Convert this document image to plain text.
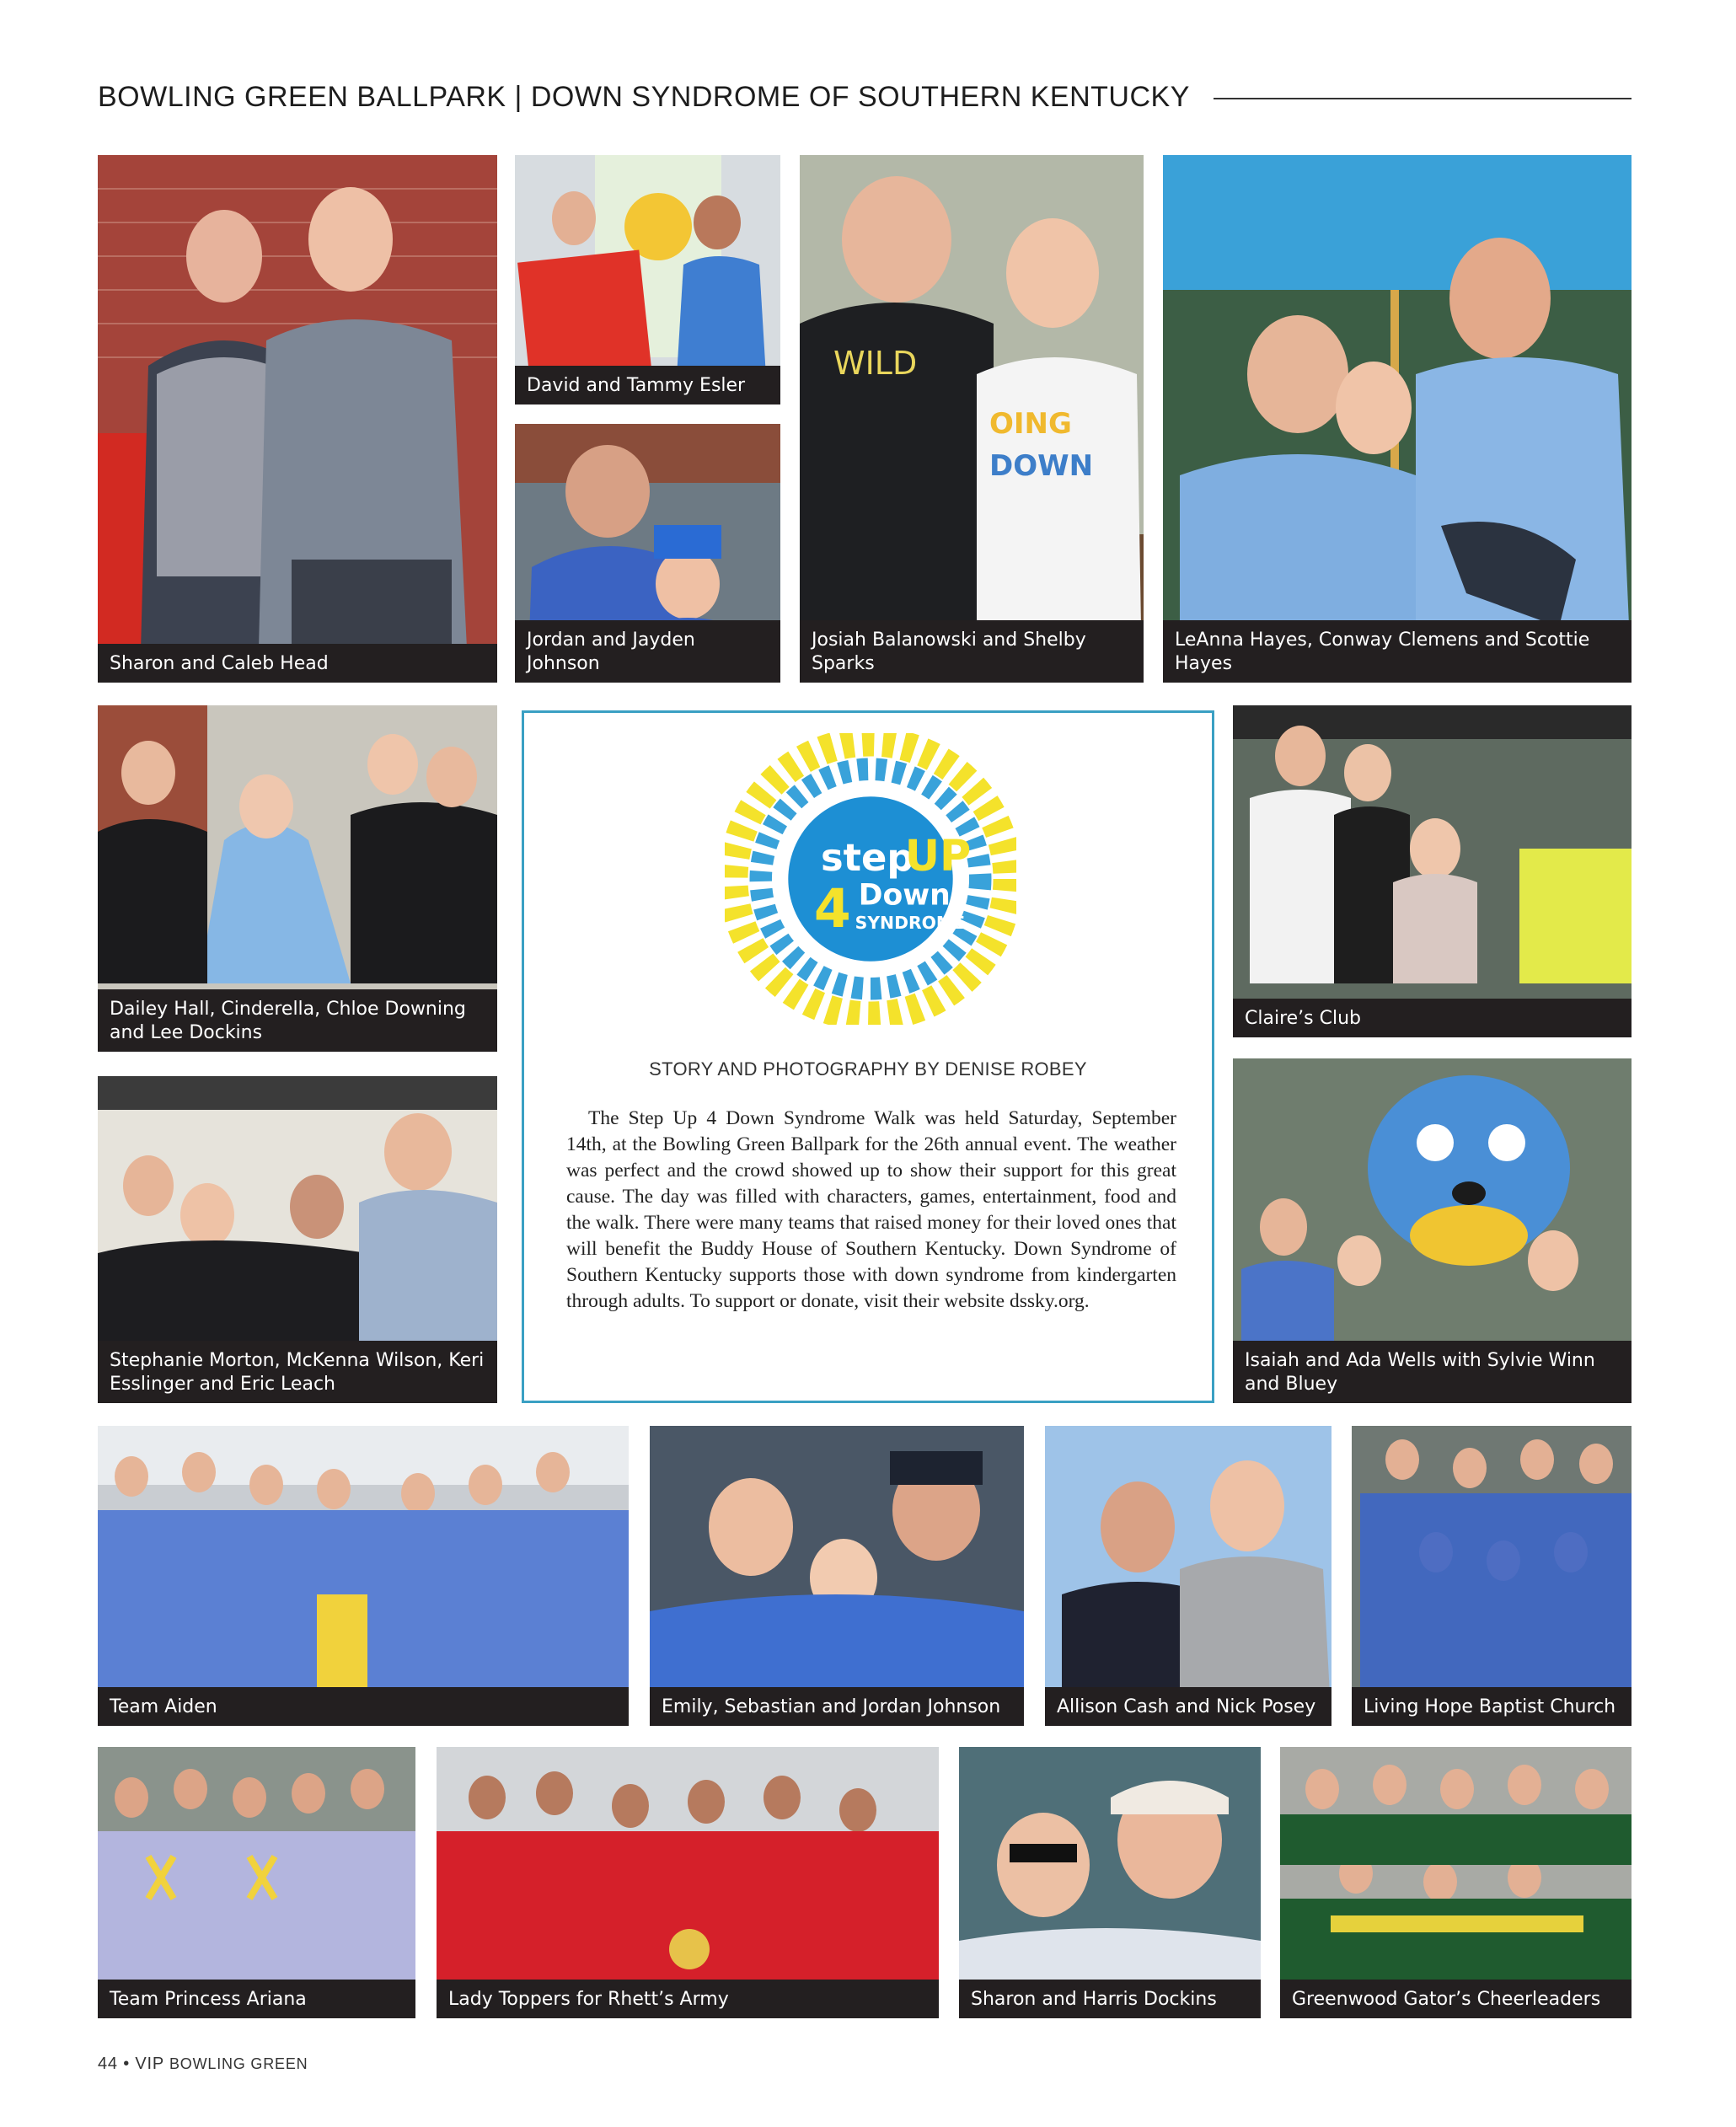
BOWLING GREEN BALLPARK | DOWN SYNDROME OF SOUTHERN KENTUCKY
Sharon and Caleb Head
David and Tammy Esler
Jordan and Jayden Johnson
WILD
OING
DOWN
Josiah Balanowski and Shelby Sparks
LeAnna Hayes, Conway Clemens and Scottie Hayes
Dailey Hall, Cinderella, Chloe Downing and Lee Dockins
Stephanie Morton, McKenna Wilson, Keri Esslinger and Eric Leach
step
UP
4 Down
SYNDROME
STORY AND PHOTOGRAPHY BY DENISE ROBEY
The Step Up 4 Down Syndrome Walk was held Saturday, September 14th, at the Bowling Green Ballpark for the 26th annual event. The weather was perfect and the crowd showed up to show their support for this great cause. The day was filled with characters, games, entertainment, food and the walk. There were many teams that raised money for their loved ones that will benefit the Buddy House of Southern Kentucky. Down Syndrome of Southern Kentucky supports those with down syndrome from kindergarten through adults. To support or donate, visit their website dssky.org.
Claire’s Club
Isaiah and Ada Wells with Sylvie Winn and Bluey
Team Aiden	Emily, Sebastian and Jordan Johnson	Allison Cash and Nick Posey	Living Hope Baptist Church
Team Princess Ariana	Lady Toppers for Rhett’s Army	Sharon and Harris Dockins	Greenwood Gator’s Cheerleaders
44 • VIP BOWLING GREEN
